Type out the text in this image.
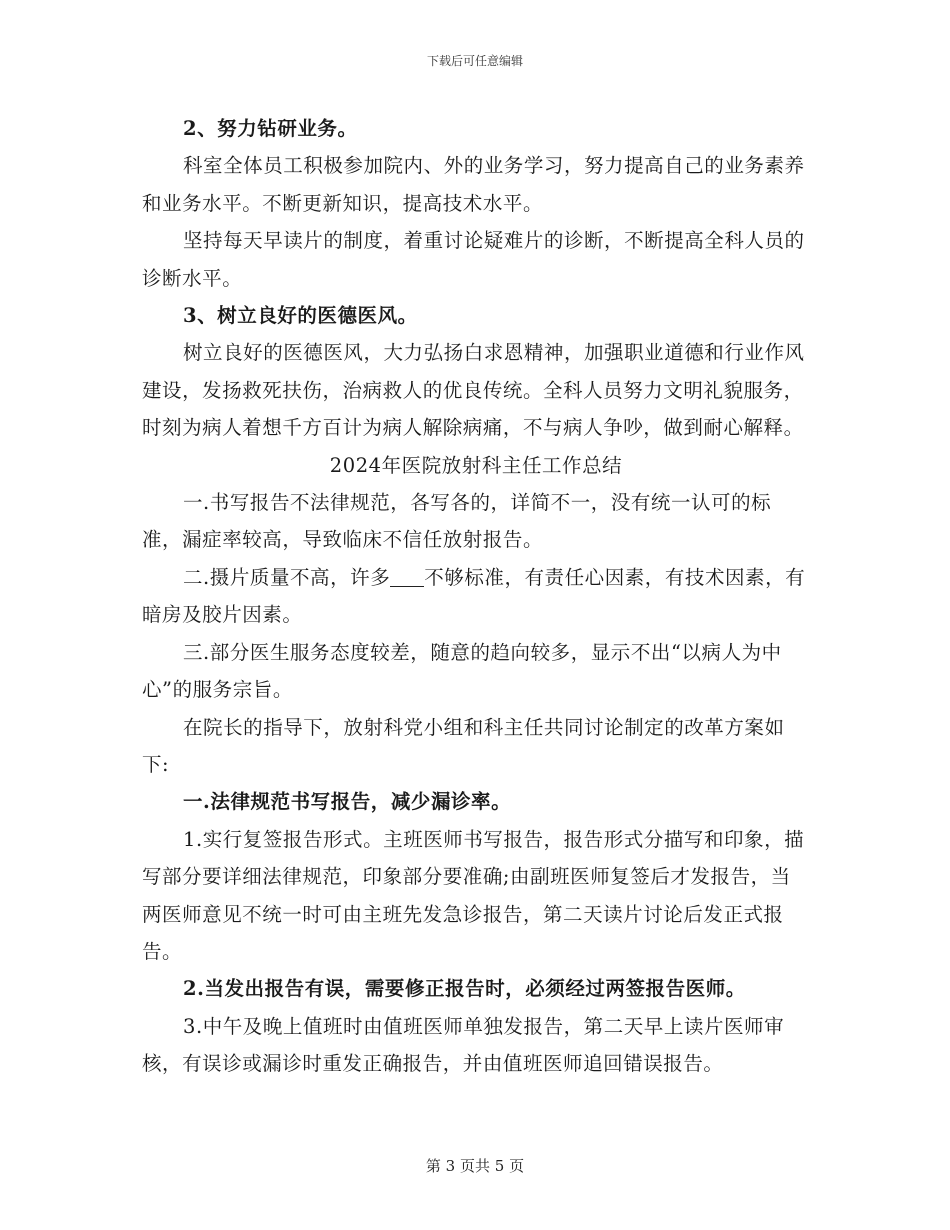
下载后可任意编辑

2、努力钻研业务。

科室全体员工积极参加院内、外的业务学习，努力提高自己的业务素养和业务水平。不断更新知识，提高技术水平。

坚持每天早读片的制度，着重讨论疑难片的诊断，不断提高全科人员的诊断水平。

3、树立良好的医德医风。

树立良好的医德医风，大力弘扬白求恩精神，加强职业道德和行业作风建设，发扬救死扶伤，治病救人的优良传统。全科人员努力文明礼貌服务，时刻为病人着想千方百计为病人解除病痛，不与病人争吵，做到耐心解释。

2024年医院放射科主任工作总结

一.书写报告不法律规范，各写各的，详简不一，没有统一认可的标准，漏症率较高，导致临床不信任放射报告。

二.摄片质量不高，许多 不够标准，有责任心因素，有技术因素，有暗房及胶片因素。

三.部分医生服务态度较差，随意的趋向较多，显示不出“以病人为中心”的服务宗旨。

在院长的指导下，放射科党小组和科主任共同讨论制定的改革方案如下:

一.法律规范书写报告，减少漏诊率。

1.实行复签报告形式。主班医师书写报告，报告形式分描写和印象，描写部分要详细法律规范，印象部分要准确;由副班医师复签后才发报告，当两医师意见不统一时可由主班先发急诊报告，第二天读片讨论后发正式报告。

2.当发出报告有误，需要修正报告时，必须经过两签报告医师。

3.中午及晚上值班时由值班医师单独发报告，第二天早上读片医师审核，有误诊或漏诊时重发正确报告，并由值班医师追回错误报告。

第 3 页共 5 页
